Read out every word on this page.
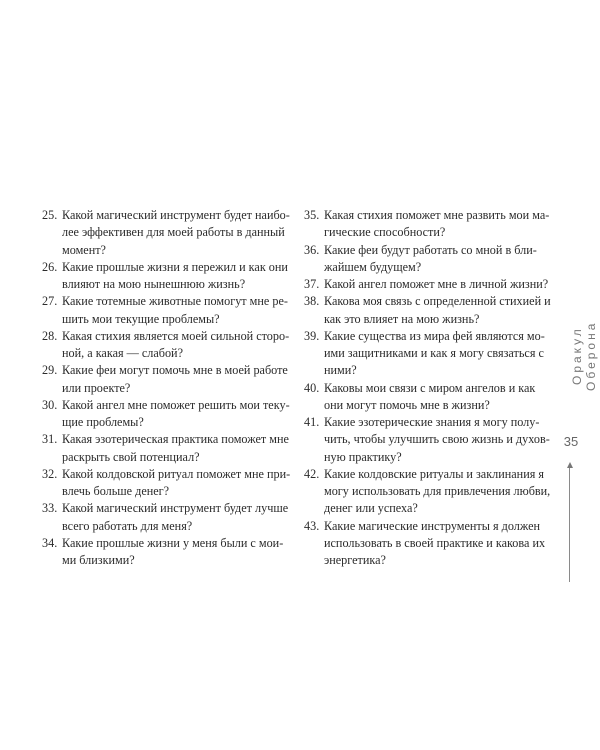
25. Какой магический инструмент будет наибо-
лее эффективен для моей работы в данный
момент?
26. Какие прошлые жизни я пережил и как они
влияют на мою нынешнюю жизнь?
27. Какие тотемные животные помогут мне ре-
шить мои текущие проблемы?
28. Какая стихия является моей сильной сторо-
ной, а какая — слабой?
29. Какие феи могут помочь мне в моей работе
или проекте?
30. Какой ангел мне поможет решить мои теку-
щие проблемы?
31. Какая эзотерическая практика поможет мне
раскрыть свой потенциал?
32. Какой колдовской ритуал поможет мне при-
влечь больше денег?
33. Какой магический инструмент будет лучше
всего работать для меня?
34. Какие прошлые жизни у меня были с мои-
ми близкими?
35. Какая стихия поможет мне развить мои ма-
гические способности?
36. Какие феи будут работать со мной в бли-
жайшем будущем?
37. Какой ангел поможет мне в личной жизни?
38. Какова моя связь с определенной стихией и
как это влияет на мою жизнь?
39. Какие существа из мира фей являются мо-
ими защитниками и как я могу связаться с
ними?
40. Каковы мои связи с миром ангелов и как
они могут помочь мне в жизни?
41. Какие эзотерические знания я могу полу-
чить, чтобы улучшить свою жизнь и духов-
ную практику?
42. Какие колдовские ритуалы и заклинания я
могу использовать для привлечения любви,
денег или успеха?
43. Какие магические инструменты я должен
использовать в своей практике и какова их
энергетика?
Оракул Оберона
35
